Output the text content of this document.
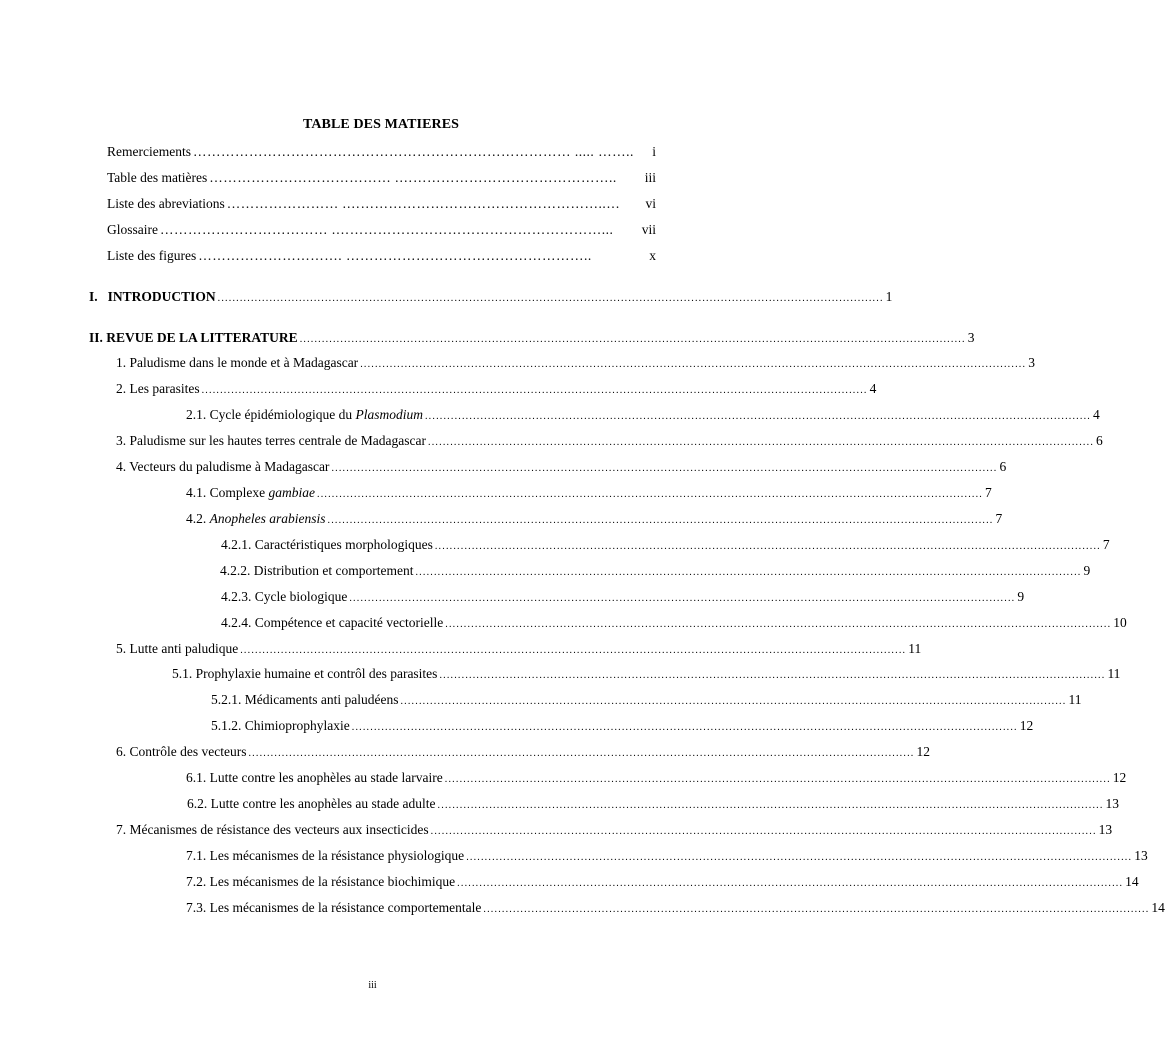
TABLE DES MATIERES
Remerciements ……………………………………………………………………… ..... ……..	i
Table des matières ………………………………… .………………………………………..	iii
Liste des abreviations …………………… .………………………………………………..…	vi
Glossaire ……………………………… .…………………………………………………...	vii
Liste des figures …………………………. ……………………………………………..	x
I. INTRODUCTION .................................................................................................................................................................................... 1
II. REVUE DE LA LITTERATURE .................................................................................................................................................................................... 3
1. Paludisme dans le monde et à Madagascar .................................................................................................................................................................................... 3
2. Les parasites .................................................................................................................................................................................... 4
2.1. Cycle épidémiologique du Plasmodium .................................................................................................................................................................................... 4
3. Paludisme sur les hautes terres centrale de Madagascar .................................................................................................................................................................................... 6
4. Vecteurs du paludisme à Madagascar .................................................................................................................................................................................... 6
4.1. Complexe gambiae .................................................................................................................................................................................... 7
4.2. Anopheles arabiensis .................................................................................................................................................................................... 7
4.2.1. Caractéristiques morphologiques .................................................................................................................................................................................... 7
4.2.2. Distribution et comportement .................................................................................................................................................................................... 9
4.2.3. Cycle biologique .................................................................................................................................................................................... 9
4.2.4. Compétence et capacité vectorielle .................................................................................................................................................................................... 10
5. Lutte anti paludique .................................................................................................................................................................................... 11
5.1. Prophylaxie humaine et contrôl des parasites .................................................................................................................................................................................... 11
5.2.1. Médicaments anti paludéens .................................................................................................................................................................................... 11
5.1.2. Chimioprophylaxie .................................................................................................................................................................................... 12
6. Contrôle des vecteurs .................................................................................................................................................................................... 12
6.1. Lutte contre les anophèles au stade larvaire .................................................................................................................................................................................... 12
6.2. Lutte contre les anophèles au stade adulte .................................................................................................................................................................................... 13
7. Mécanismes de résistance des vecteurs aux insecticides .................................................................................................................................................................................... 13
7.1. Les mécanismes de la résistance physiologique .................................................................................................................................................................................... 13
7.2. Les mécanismes de la résistance biochimique .................................................................................................................................................................................... 14
7.3. Les mécanismes de la résistance comportementale .................................................................................................................................................................................... 14
iii
